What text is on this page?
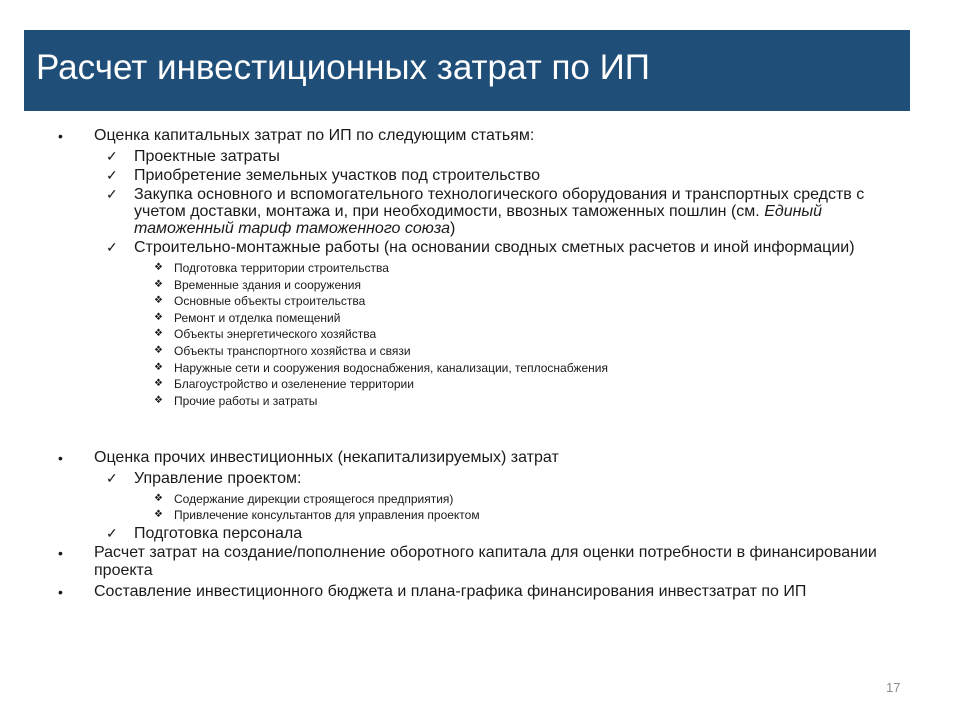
Расчет инвестиционных затрат по ИП
• Оценка капитальных затрат по ИП по следующим статьям:
✓ Проектные затраты
✓ Приобретение земельных участков под строительство
✓ Закупка основного и вспомогательного технологического оборудования и транспортных средств с учетом доставки, монтажа и, при необходимости, ввозных таможенных пошлин (см. Единый таможенный тариф таможенного союза)
✓ Строительно-монтажные работы (на основании сводных сметных расчетов и иной информации)
❖ Подготовка территории строительства
❖ Временные здания и сооружения
❖ Основные объекты строительства
❖ Ремонт и отделка помещений
❖ Объекты энергетического хозяйства
❖ Объекты транспортного хозяйства и связи
❖ Наружные сети и сооружения водоснабжения, канализации, теплоснабжения
❖ Благоустройство и озеленение территории
❖ Прочие работы и затраты
• Оценка прочих инвестиционных (некапитализируемых) затрат
✓ Управление проектом:
❖ Содержание дирекции строящегося предприятия)
❖ Привлечение консультантов для управления проектом
✓ Подготовка персонала
• Расчет затрат на создание/пополнение оборотного капитала для оценки потребности в финансировании проекта
• Составление инвестиционного бюджета и плана-графика финансирования инвестзатрат по ИП
17
